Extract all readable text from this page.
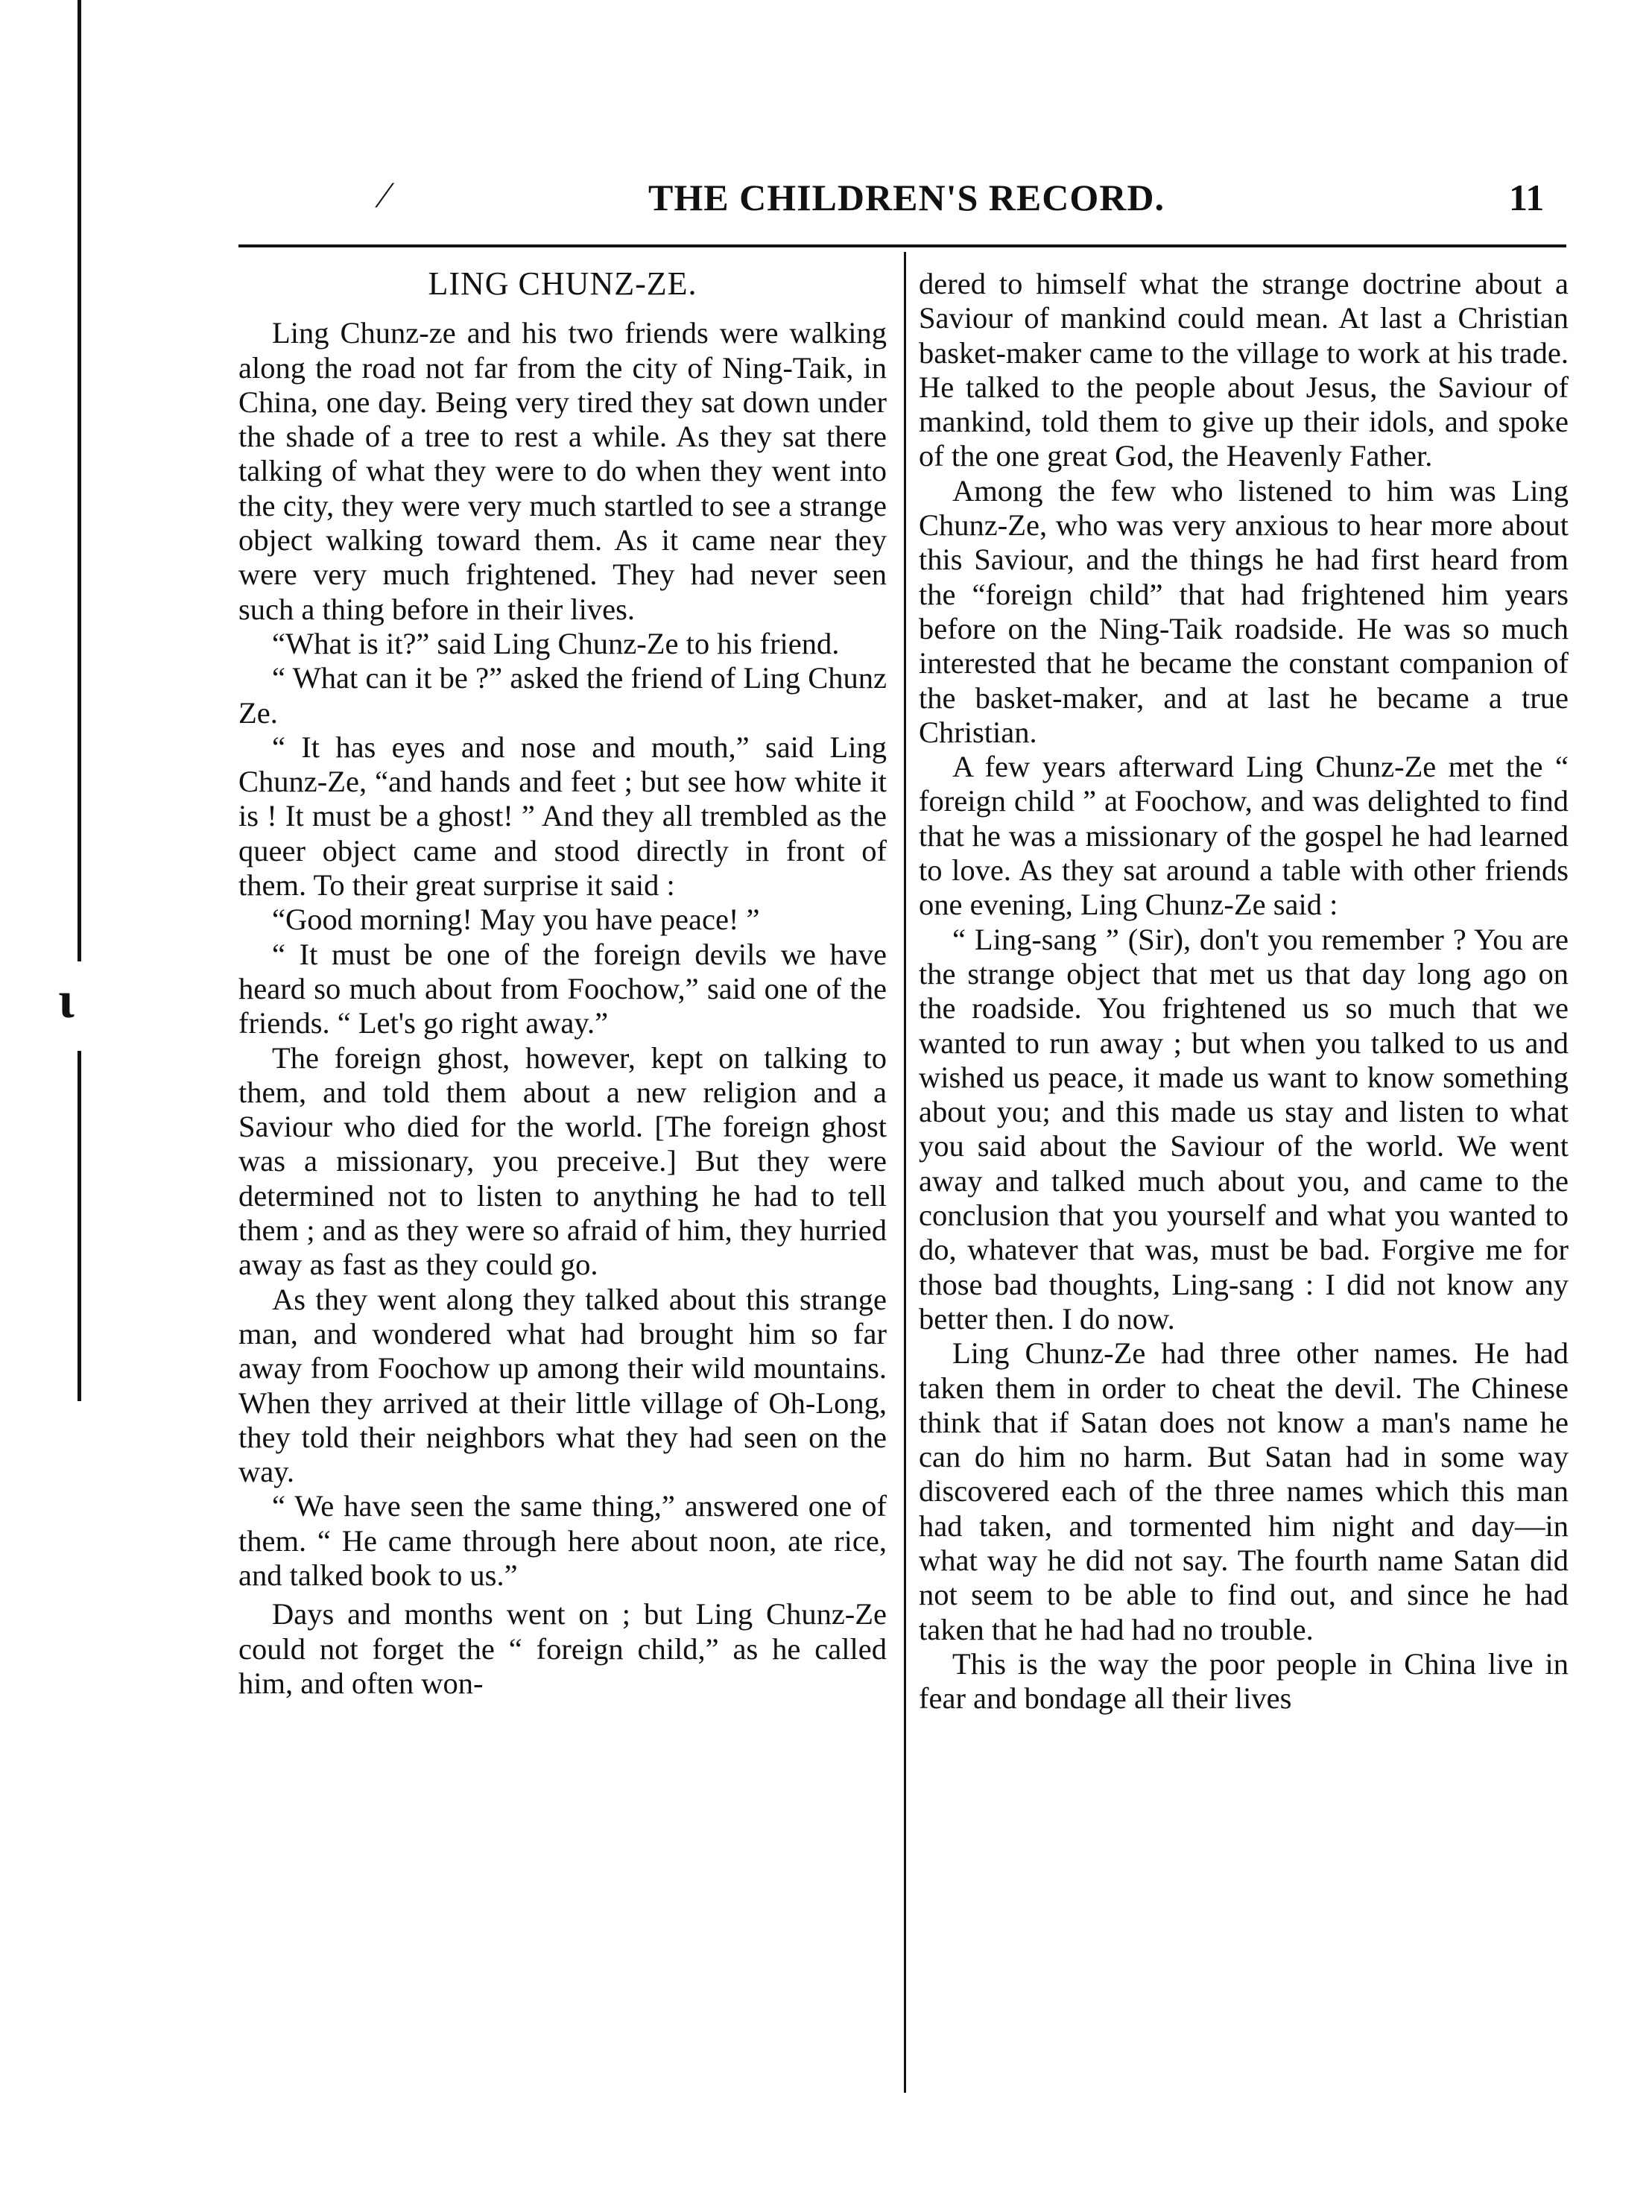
ɩ
⁄	THE CHILDREN'S RECORD.	11

LING CHUNZ-ZE.

Ling Chunz-ze and his two friends were walking along the road not far from the city of Ning-Taik, in China, one day. Being very tired they sat down under the shade of a tree to rest a while. As they sat there talking of what they were to do when they went into the city, they were very much startled to see a strange object walking toward them. As it came near they were very much frightened. They had never seen such a thing before in their lives.

“What is it?” said Ling Chunz-Ze to his friend.

“ What can it be ?” asked the friend of Ling Chunz Ze.

“ It has eyes and nose and mouth,” said Ling Chunz-Ze, “and hands and feet ; but see how white it is ! It must be a ghost! ” And they all trembled as the queer object came and stood directly in front of them. To their great surprise it said :

“Good morning! May you have peace! ”

“ It must be one of the foreign devils we have heard so much about from Foochow,” said one of the friends. “ Let's go right away.”

The foreign ghost, however, kept on talking to them, and told them about a new religion and a Saviour who died for the world. [The foreign ghost was a missionary, you preceive.] But they were determined not to listen to anything he had to tell them ; and as they were so afraid of him, they hurried away as fast as they could go.

As they went along they talked about this strange man, and wondered what had brought him so far away from Foochow up among their wild mountains. When they arrived at their little village of Oh-Long, they told their neighbors what they had seen on the way.

“ We have seen the same thing,” answered one of them. “ He came through here about noon, ate rice, and talked book to us.”

Days and months went on ; but Ling Chunz-Ze could not forget the “ foreign child,” as he called him, and often won-

dered to himself what the strange doctrine about a Saviour of mankind could mean. At last a Christian basket-maker came to the village to work at his trade. He talked to the people about Jesus, the Saviour of mankind, told them to give up their idols, and spoke of the one great God, the Heavenly Father.

Among the few who listened to him was Ling Chunz-Ze, who was very anxious to hear more about this Saviour, and the things he had first heard from the “foreign child” that had frightened him years before on the Ning-Taik roadside. He was so much interested that he became the constant companion of the basket-maker, and at last he became a true Christian.

A few years afterward Ling Chunz-Ze met the “ foreign child ” at Foochow, and was delighted to find that he was a missionary of the gospel he had learned to love. As they sat around a table with other friends one evening, Ling Chunz-Ze said :

“ Ling-sang ” (Sir), don't you remember ? You are the strange object that met us that day long ago on the roadside. You frightened us so much that we wanted to run away ; but when you talked to us and wished us peace, it made us want to know something about you; and this made us stay and listen to what you said about the Saviour of the world. We went away and talked much about you, and came to the conclusion that you yourself and what you wanted to do, whatever that was, must be bad. Forgive me for those bad thoughts, Ling-sang : I did not know any better then. I do now.

Ling Chunz-Ze had three other names. He had taken them in order to cheat the devil. The Chinese think that if Satan does not know a man's name he can do him no harm. But Satan had in some way discovered each of the three names which this man had taken, and tormented him night and day—in what way he did not say. The fourth name Satan did not seem to be able to find out, and since he had taken that he had had no trouble.

This is the way the poor people in China live in fear and bondage all their lives
